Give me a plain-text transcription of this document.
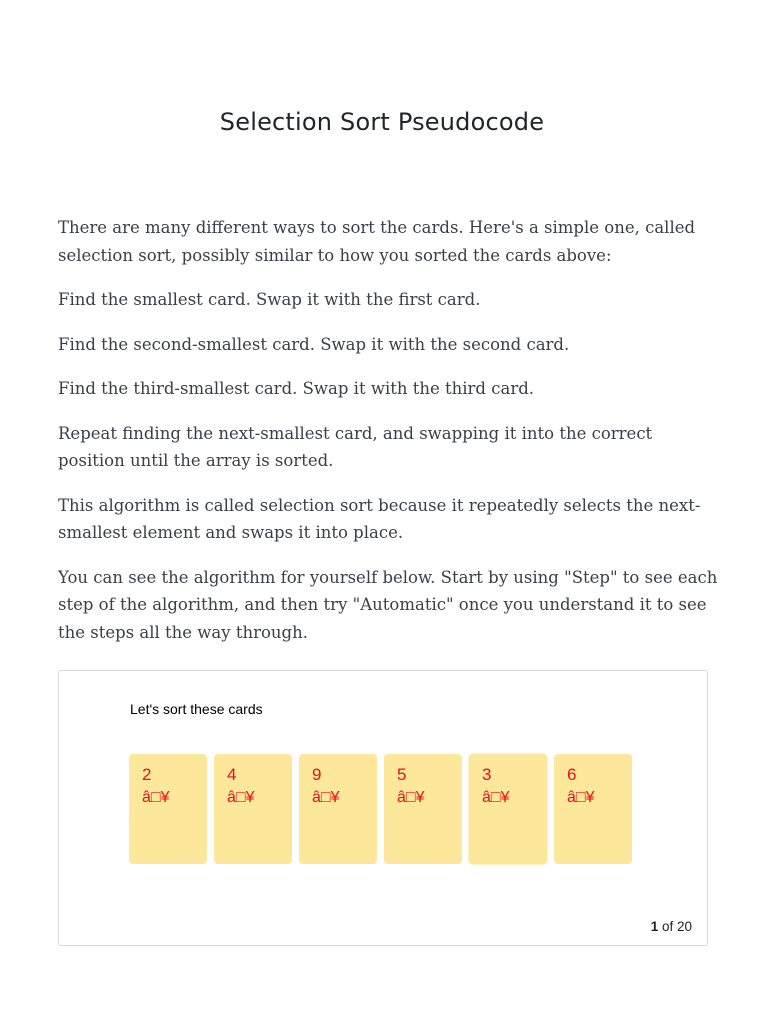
Selection Sort Pseudocode

There are many different ways to sort the cards. Here's a simple one, called selection sort, possibly similar to how you sorted the cards above:

Find the smallest card. Swap it with the first card.

Find the second-smallest card. Swap it with the second card.

Find the third-smallest card. Swap it with the third card.

Repeat finding the next-smallest card, and swapping it into the correct position until the array is sorted.

This algorithm is called selection sort because it repeatedly selects the next-smallest element and swaps it into place.

You can see the algorithm for yourself below. Start by using "Step" to see each step of the algorithm, and then try "Automatic" once you understand it to see the steps all the way through.

Let's sort these cards
2
â□¥
4
â□¥
9
â□¥
5
â□¥
3
â□¥
6
â□¥
1 of 20
